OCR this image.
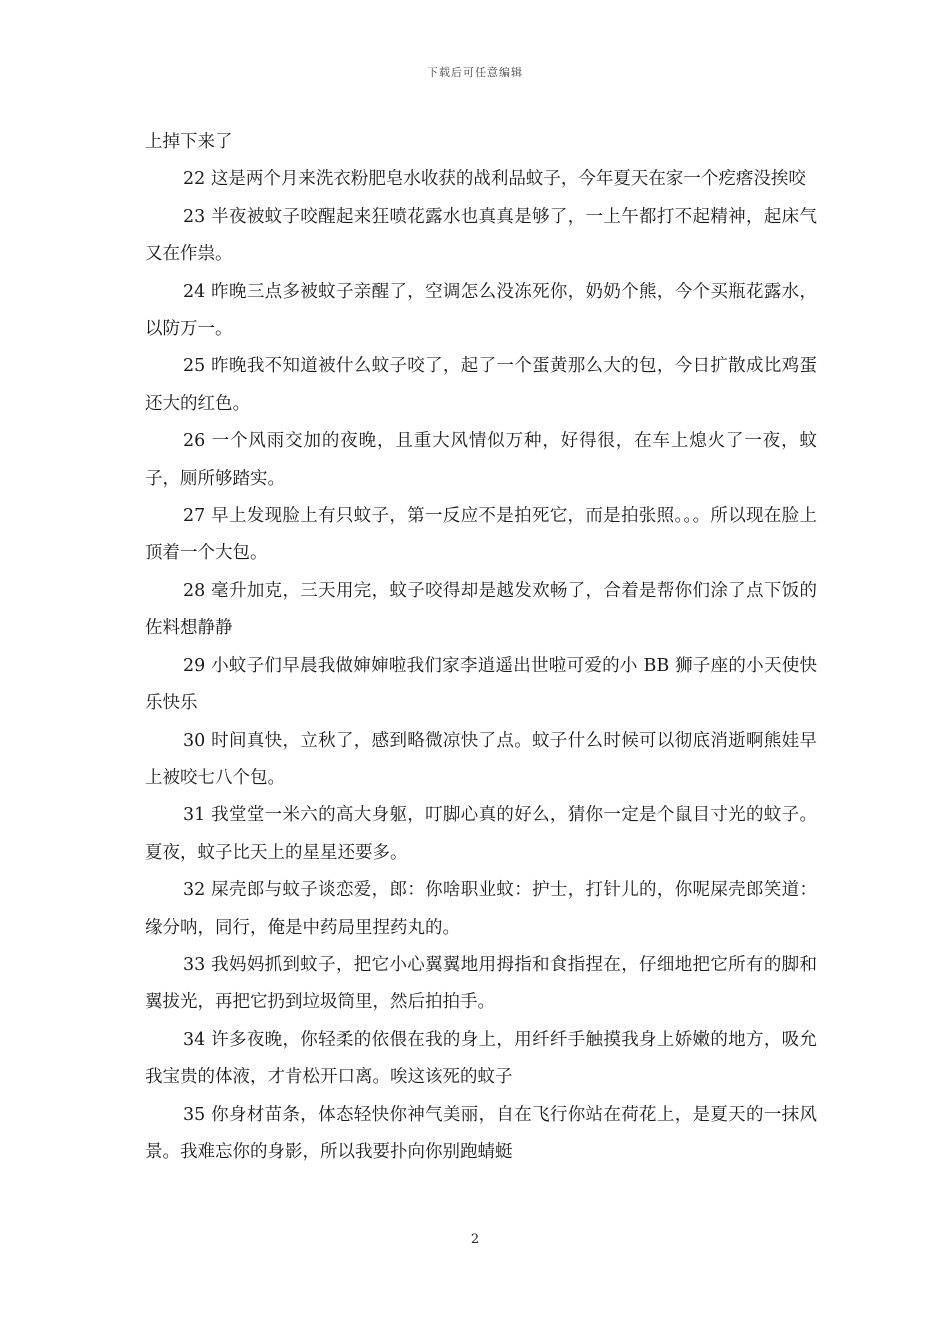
下载后可任意编辑

上掉下来了

22 这是两个月来洗衣粉肥皂水收获的战利品蚊子，今年夏天在家一个疙瘩没挨咬

23 半夜被蚊子咬醒起来狂喷花露水也真真是够了，一上午都打不起精神，起床气又在作祟。

24 昨晚三点多被蚊子亲醒了，空调怎么没冻死你，奶奶个熊，今个买瓶花露水，以防万一。

25 昨晚我不知道被什么蚊子咬了，起了一个蛋黄那么大的包，今日扩散成比鸡蛋还大的红色。

26 一个风雨交加的夜晚，且重大风情似万种，好得很，在车上熄火了一夜，蚊子，厕所够踏实。

27 早上发现脸上有只蚊子，第一反应不是拍死它，而是拍张照。。。所以现在脸上顶着一个大包。

28 毫升加克，三天用完，蚊子咬得却是越发欢畅了，合着是帮你们涂了点下饭的佐料想静静

29 小蚊子们早晨我做婶婶啦我们家李逍遥出世啦可爱的小 BB 狮子座的小天使快乐快乐

30 时间真快，立秋了，感到略微凉快了点。蚊子什么时候可以彻底消逝啊熊娃早上被咬七八个包。

31 我堂堂一米六的高大身躯，叮脚心真的好么，猜你一定是个鼠目寸光的蚊子。夏夜，蚊子比天上的星星还要多。

32 屎壳郎与蚊子谈恋爱，郎：你啥职业蚊：护士，打针儿的，你呢屎壳郎笑道：缘分呐，同行，俺是中药局里捏药丸的。

33 我妈妈抓到蚊子，把它小心翼翼地用拇指和食指捏在，仔细地把它所有的脚和翼拔光，再把它扔到垃圾筒里，然后拍拍手。

34 许多夜晚，你轻柔的依偎在我的身上，用纤纤手触摸我身上娇嫩的地方，吸允我宝贵的体液，才肯松开口离。唉这该死的蚊子

35 你身材苗条，体态轻快你神气美丽，自在飞行你站在荷花上，是夏天的一抹风景。我难忘你的身影，所以我要扑向你别跑蜻蜓

2
